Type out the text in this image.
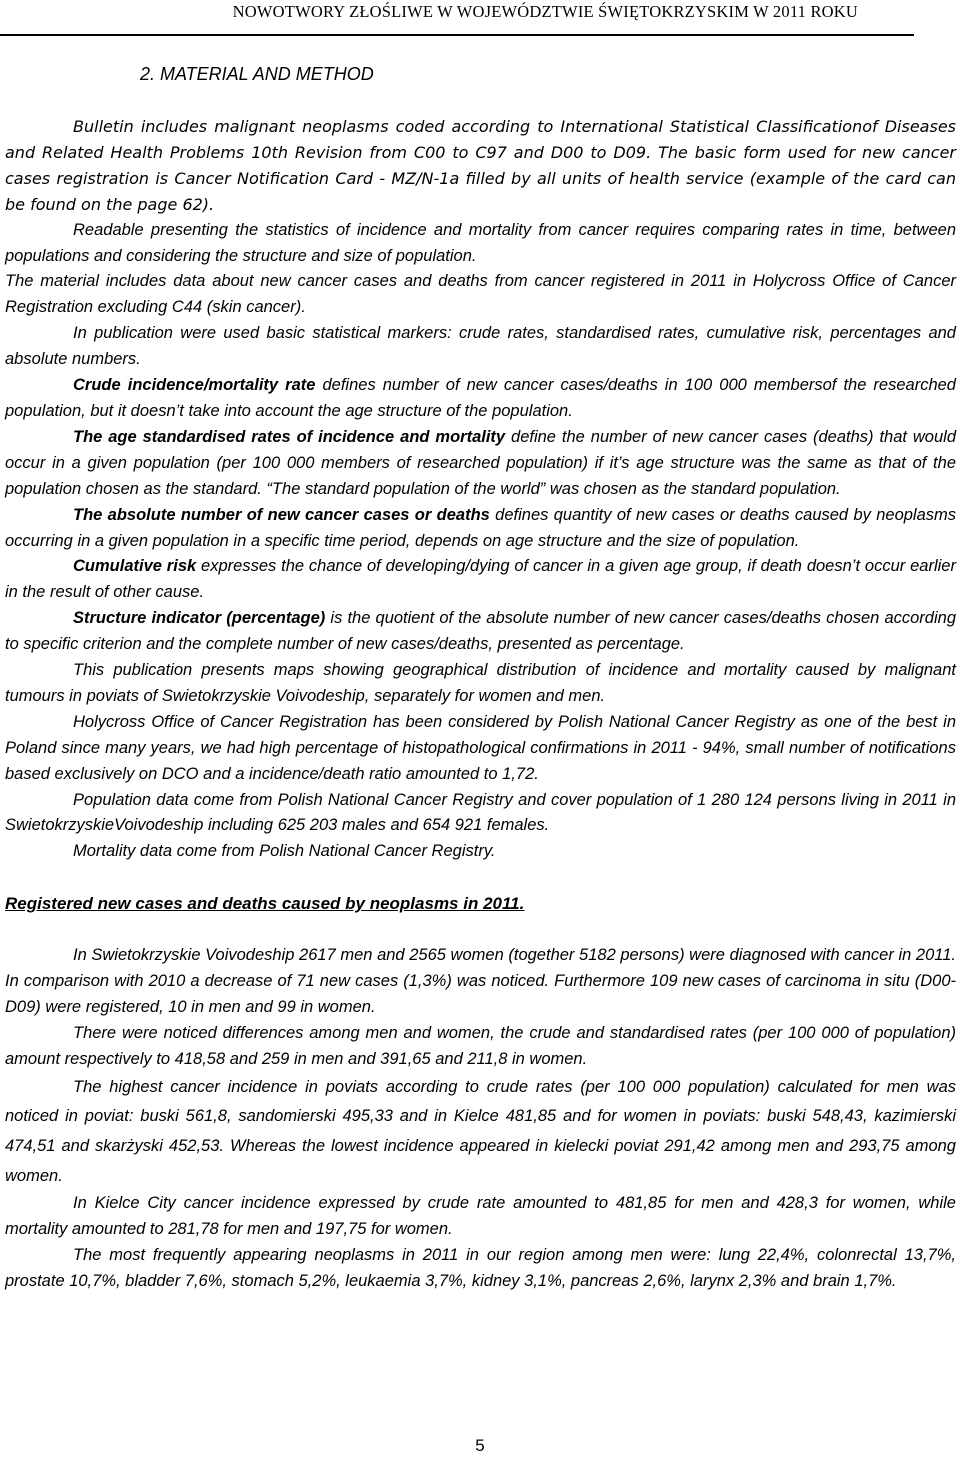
NOWOTWORY ZŁOŚLIWE W WOJEWÓDZTWIE ŚWIĘTOKRZYSKIM W 2011 ROKU
2. MATERIAL AND METHOD

Bulletin includes malignant neoplasms coded according to International Statistical Classificationof Diseases and Related Health Problems 10th Revision from C00 to C97 and D00 to D09. The basic form used for new cancer cases registration is Cancer Notification Card - MZ/N-1a filled by all units of health service (example of the card can be found on the page 62).

Readable presenting the statistics of incidence and mortality from cancer requires comparing rates in time, between populations and considering the structure and size of population.

The material includes data about new cancer cases and deaths from cancer registered in 2011 in Holycross Office of Cancer Registration excluding C44 (skin cancer).

In publication were used basic statistical markers: crude rates, standardised rates, cumulative risk, percentages and absolute numbers.

Crude incidence/mortality rate defines number of new cancer cases/deaths in 100 000 membersof the researched population, but it doesn’t take into account the age structure of the population.

The age standardised rates of incidence and mortality define the number of new cancer cases (deaths) that would occur in a given population (per 100 000 members of researched population) if it’s age structure was the same as that of the population chosen as the standard. “The standard population of the world” was chosen as the standard population.

The absolute number of new cancer cases or deaths defines quantity of new cases or deaths caused by neoplasms occurring in a given population in a specific time period, depends on age structure and the size of population.

Cumulative risk expresses the chance of developing/dying of cancer in a given age group, if death doesn’t occur earlier in the result of other cause.

Structure indicator (percentage) is the quotient of the absolute number of new cancer cases/deaths chosen according to specific criterion and the complete number of new cases/deaths, presented as percentage.

This publication presents maps showing geographical distribution of incidence and mortality caused by malignant tumours in poviats of Swietokrzyskie Voivodeship, separately for women and men.

Holycross Office of Cancer Registration has been considered by Polish National Cancer Registry as one of the best in Poland since many years, we had high percentage of histopathological confirmations in 2011 - 94%, small number of notifications based exclusively on DCO and a incidence/death ratio amounted to 1,72.

Population data come from Polish National Cancer Registry and cover population of 1 280 124 persons living in 2011 in SwietokrzyskieVoivodeship including 625 203 males and 654 921 females.

Mortality data come from Polish National Cancer Registry.

Registered new cases and deaths caused by neoplasms in 2011.

In Swietokrzyskie Voivodeship 2617 men and 2565 women (together 5182 persons) were diagnosed with cancer in 2011. In comparison with 2010 a decrease of 71 new cases (1,3%) was noticed. Furthermore 109 new cases of carcinoma in situ (D00-D09) were registered, 10 in men and 99 in women.

There were noticed differences among men and women, the crude and standardised rates (per 100 000 of population) amount respectively to 418,58 and 259 in men and 391,65 and 211,8 in women.

The highest cancer incidence in poviats according to crude rates (per 100 000 population) calculated for men was noticed in poviat: buski 561,8, sandomierski 495,33 and in Kielce 481,85 and for women in poviats: buski 548,43, kazimierski 474,51 and skarżyski 452,53. Whereas the lowest incidence appeared in kielecki poviat 291,42 among men and 293,75 among women.

In Kielce City cancer incidence expressed by crude rate amounted to 481,85 for men and 428,3 for women, while mortality amounted to 281,78 for men and 197,75 for women.

The most frequently appearing neoplasms in 2011 in our region among men were: lung 22,4%, colonrectal 13,7%, prostate 10,7%, bladder 7,6%, stomach 5,2%, leukaemia 3,7%, kidney 3,1%, pancreas 2,6%, larynx 2,3% and brain 1,7%.

5
